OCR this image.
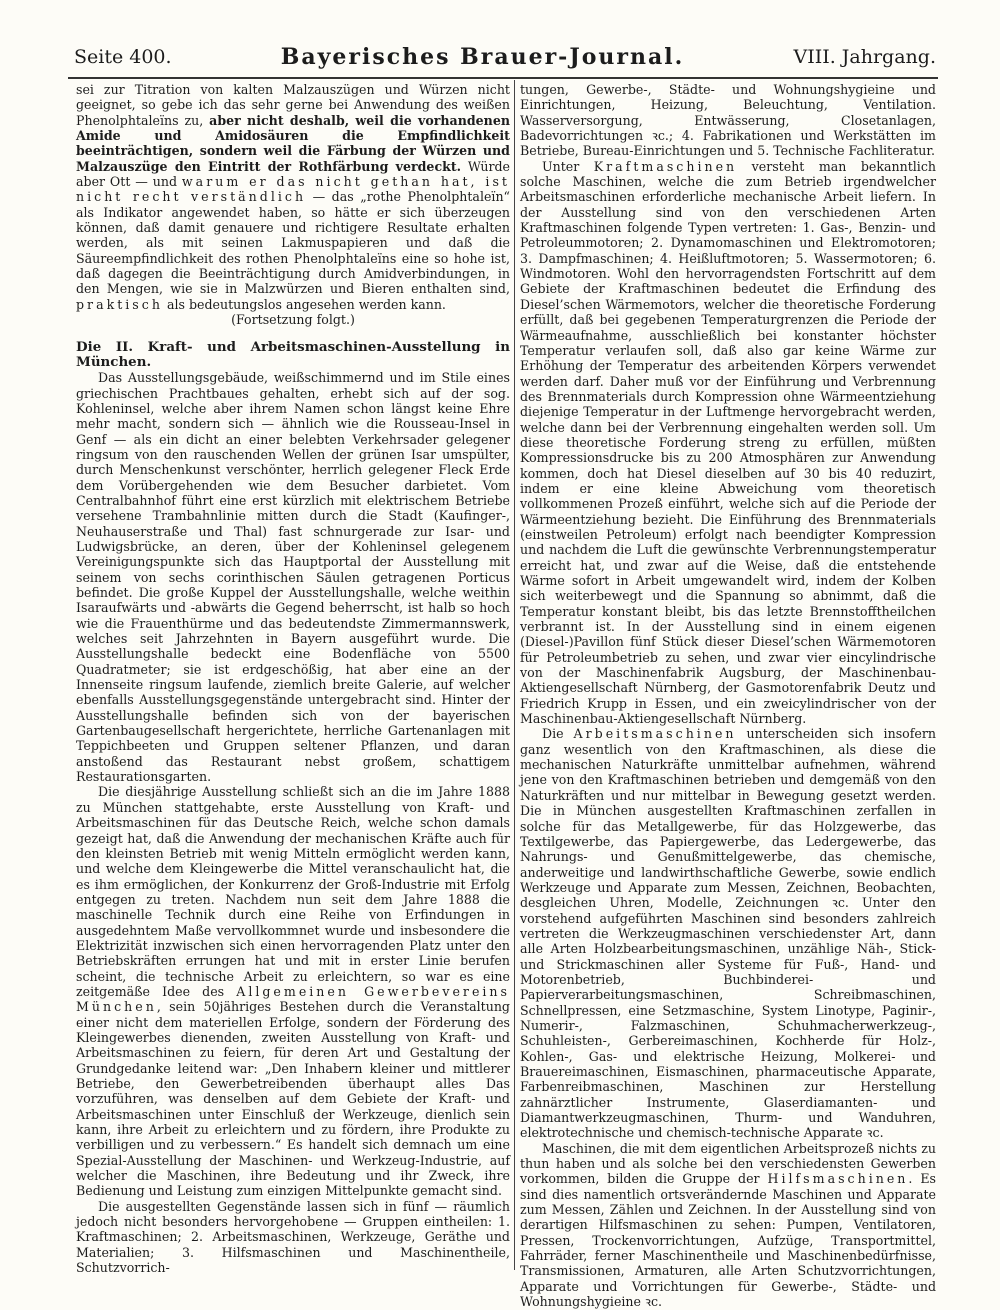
Seite 400.	Bayerisches Brauer-Journal.	VIII. Jahrgang.

sei zur Titration von kalten Malzauszügen und Würzen nicht geeignet, so gebe ich das sehr gerne bei Anwendung des weißen Phenolphtaleïns zu, aber nicht deshalb, weil die vorhandenen Amide und Amidosäuren die Empfindlichkeit beeinträchtigen, sondern weil die Färbung der Würzen und Malzauszüge den Eintritt der Rothfärbung verdeckt. Würde aber Ott — und warum er das nicht gethan hat, ist nicht recht verständlich — das „rothe Phenolphtaleïn“ als Indikator angewendet haben, so hätte er sich überzeugen können, daß damit genauere und richtigere Resultate erhalten werden, als mit seinen Lakmuspapieren und daß die Säureempfindlichkeit des rothen Phenolphtaleïns eine so hohe ist, daß dagegen die Beeinträchtigung durch Amidverbindungen, in den Mengen, wie sie in Malzwürzen und Bieren enthalten sind, praktisch als bedeutungslos angesehen werden kann.

(Fortsetzung folgt.)

Die II. Kraft- und Arbeitsmaschinen-Ausstellung in München.

Das Ausstellungsgebäude, weißschimmernd und im Stile eines griechischen Prachtbaues gehalten, erhebt sich auf der sog. Kohleninsel, welche aber ihrem Namen schon längst keine Ehre mehr macht, sondern sich — ähnlich wie die Rousseau-Insel in Genf — als ein dicht an einer belebten Verkehrsader gelegener ringsum von den rauschenden Wellen der grünen Isar umspülter, durch Menschenkunst verschönter, herrlich gelegener Fleck Erde dem Vorübergehenden wie dem Besucher darbietet. Vom Centralbahnhof führt eine erst kürzlich mit elektrischem Betriebe versehene Trambahnlinie mitten durch die Stadt (Kaufinger-, Neuhauserstraße und Thal) fast schnurgerade zur Isar- und Ludwigsbrücke, an deren, über der Kohleninsel gelegenem Vereinigungspunkte sich das Hauptportal der Ausstellung mit seinem von sechs corinthischen Säulen getragenen Porticus befindet. Die große Kuppel der Ausstellungshalle, welche weithin Isaraufwärts und -abwärts die Gegend beherrscht, ist halb so hoch wie die Frauenthürme und das bedeutendste Zimmermannswerk, welches seit Jahrzehnten in Bayern ausgeführt wurde. Die Ausstellungshalle bedeckt eine Bodenfläche von 5500 Quadratmeter; sie ist erdgeschößig, hat aber eine an der Innenseite ringsum laufende, ziemlich breite Galerie, auf welcher ebenfalls Ausstellungsgegenstände untergebracht sind. Hinter der Ausstellungshalle befinden sich von der bayerischen Gartenbaugesellschaft hergerichtete, herrliche Gartenanlagen mit Teppichbeeten und Gruppen seltener Pflanzen, und daran anstoßend das Restaurant nebst großem, schattigem Restaurationsgarten.

Die diesjährige Ausstellung schließt sich an die im Jahre 1888 zu München stattgehabte, erste Ausstellung von Kraft- und Arbeitsmaschinen für das Deutsche Reich, welche schon damals gezeigt hat, daß die Anwendung der mechanischen Kräfte auch für den kleinsten Betrieb mit wenig Mitteln ermöglicht werden kann, und welche dem Kleingewerbe die Mittel veranschaulicht hat, die es ihm ermöglichen, der Konkurrenz der Groß-Industrie mit Erfolg entgegen zu treten. Nachdem nun seit dem Jahre 1888 die maschinelle Technik durch eine Reihe von Erfindungen in ausgedehntem Maße vervollkommnet wurde und insbesondere die Elektrizität inzwischen sich einen hervorragenden Platz unter den Betriebskräften errungen hat und mit in erster Linie berufen scheint, die technische Arbeit zu erleichtern, so war es eine zeitgemäße Idee des Allgemeinen Gewerbevereins München, sein 50jähriges Bestehen durch die Veranstaltung einer nicht dem materiellen Erfolge, sondern der Förderung des Kleingewerbes dienenden, zweiten Ausstellung von Kraft- und Arbeitsmaschinen zu feiern, für deren Art und Gestaltung der Grundgedanke leitend war: „Den Inhabern kleiner und mittlerer Betriebe, den Gewerbetreibenden überhaupt alles Das vorzuführen, was denselben auf dem Gebiete der Kraft- und Arbeitsmaschinen unter Einschluß der Werkzeuge, dienlich sein kann, ihre Arbeit zu erleichtern und zu fördern, ihre Produkte zu verbilligen und zu verbessern.“ Es handelt sich demnach um eine Spezial-Ausstellung der Maschinen- und Werkzeug-Industrie, auf welcher die Maschinen, ihre Bedeutung und ihr Zweck, ihre Bedienung und Leistung zum einzigen Mittelpunkte gemacht sind.

Die ausgestellten Gegenstände lassen sich in fünf — räumlich jedoch nicht besonders hervorgehobene — Gruppen eintheilen: 1. Kraftmaschinen; 2. Arbeitsmaschinen, Werkzeuge, Geräthe und Materialien; 3. Hilfsmaschinen und Maschinentheile, Schutzvorrich-

tungen, Gewerbe-, Städte- und Wohnungshygieine und Einrichtungen, Heizung, Beleuchtung, Ventilation. Wasserversorgung, Entwässerung, Closetanlagen, Badevorrichtungen ꝛc.; 4. Fabrikationen und Werkstätten im Betriebe, Bureau-Einrichtungen und 5. Technische Fachliteratur.

Unter Kraftmaschinen versteht man bekanntlich solche Maschinen, welche die zum Betrieb irgendwelcher Arbeitsmaschinen erforderliche mechanische Arbeit liefern. In der Ausstellung sind von den verschiedenen Arten Kraftmaschinen folgende Typen vertreten: 1. Gas-, Benzin- und Petroleummotoren; 2. Dynamomaschinen und Elektromotoren; 3. Dampfmaschinen; 4. Heißluftmotoren; 5. Wassermotoren; 6. Windmotoren. Wohl den hervorragendsten Fortschritt auf dem Gebiete der Kraftmaschinen bedeutet die Erfindung des Diesel’schen Wärmemotors, welcher die theoretische Forderung erfüllt, daß bei gegebenen Temperaturgrenzen die Periode der Wärmeaufnahme, ausschließlich bei konstanter höchster Temperatur verlaufen soll, daß also gar keine Wärme zur Erhöhung der Temperatur des arbeitenden Körpers verwendet werden darf. Daher muß vor der Einführung und Verbrennung des Brennmaterials durch Kompression ohne Wärmeentziehung diejenige Temperatur in der Luftmenge hervorgebracht werden, welche dann bei der Verbrennung eingehalten werden soll. Um diese theoretische Forderung streng zu erfüllen, müßten Kompressionsdrucke bis zu 200 Atmosphären zur Anwendung kommen, doch hat Diesel dieselben auf 30 bis 40 reduzirt, indem er eine kleine Abweichung vom theoretisch vollkommenen Prozeß einführt, welche sich auf die Periode der Wärmeentziehung bezieht. Die Einführung des Brennmaterials (einstweilen Petroleum) erfolgt nach beendigter Kompression und nachdem die Luft die gewünschte Verbrennungstemperatur erreicht hat, und zwar auf die Weise, daß die entstehende Wärme sofort in Arbeit umgewandelt wird, indem der Kolben sich weiterbewegt und die Spannung so abnimmt, daß die Temperatur konstant bleibt, bis das letzte Brennstofftheilchen verbrannt ist. In der Ausstellung sind in einem eigenen (Diesel-)Pavillon fünf Stück dieser Diesel’schen Wärmemotoren für Petroleumbetrieb zu sehen, und zwar vier eincylindrische von der Maschinenfabrik Augsburg, der Maschinenbau-Aktiengesellschaft Nürnberg, der Gasmotorenfabrik Deutz und Friedrich Krupp in Essen, und ein zweicylindrischer von der Maschinenbau-Aktiengesellschaft Nürnberg.

Die Arbeitsmaschinen unterscheiden sich insofern ganz wesentlich von den Kraftmaschinen, als diese die mechanischen Naturkräfte unmittelbar aufnehmen, während jene von den Kraftmaschinen betrieben und demgemäß von den Naturkräften und nur mittelbar in Bewegung gesetzt werden. Die in München ausgestellten Kraftmaschinen zerfallen in solche für das Metallgewerbe, für das Holzgewerbe, das Textilgewerbe, das Papiergewerbe, das Ledergewerbe, das Nahrungs- und Genußmittelgewerbe, das chemische, anderweitige und landwirthschaftliche Gewerbe, sowie endlich Werkzeuge und Apparate zum Messen, Zeichnen, Beobachten, desgleichen Uhren, Modelle, Zeichnungen ꝛc. Unter den vorstehend aufgeführten Maschinen sind besonders zahlreich vertreten die Werkzeugmaschinen verschiedenster Art, dann alle Arten Holzbearbeitungsmaschinen, unzählige Näh-, Stick- und Strickmaschinen aller Systeme für Fuß-, Hand- und Motorenbetrieb, Buchbinderei- und Papierverarbeitungsmaschinen, Schreibmaschinen, Schnellpressen, eine Setzmaschine, System Linotype, Paginir-, Numerir-, Falzmaschinen, Schuhmacherwerkzeug-, Schuhleisten-, Gerbereimaschinen, Kochherde für Holz-, Kohlen-, Gas- und elektrische Heizung, Molkerei- und Brauereimaschinen, Eismaschinen, pharmaceutische Apparate, Farbenreibmaschinen, Maschinen zur Herstellung zahnärztlicher Instrumente, Glaserdiamanten- und Diamantwerkzeugmaschinen, Thurm- und Wanduhren, elektrotechnische und chemisch-technische Apparate ꝛc.

Maschinen, die mit dem eigentlichen Arbeitsprozeß nichts zu thun haben und als solche bei den verschiedensten Gewerben vorkommen, bilden die Gruppe der Hilfsmaschinen. Es sind dies namentlich ortsverändernde Maschinen und Apparate zum Messen, Zählen und Zeichnen. In der Ausstellung sind von derartigen Hilfsmaschinen zu sehen: Pumpen, Ventilatoren, Pressen, Trockenvorrichtungen, Aufzüge, Transportmittel, Fahrräder, ferner Maschinentheile und Maschinenbedürfnisse, Transmissionen, Armaturen, alle Arten Schutzvorrichtungen, Apparate und Vorrichtungen für Gewerbe-, Städte- und Wohnungshygieine ꝛc.
